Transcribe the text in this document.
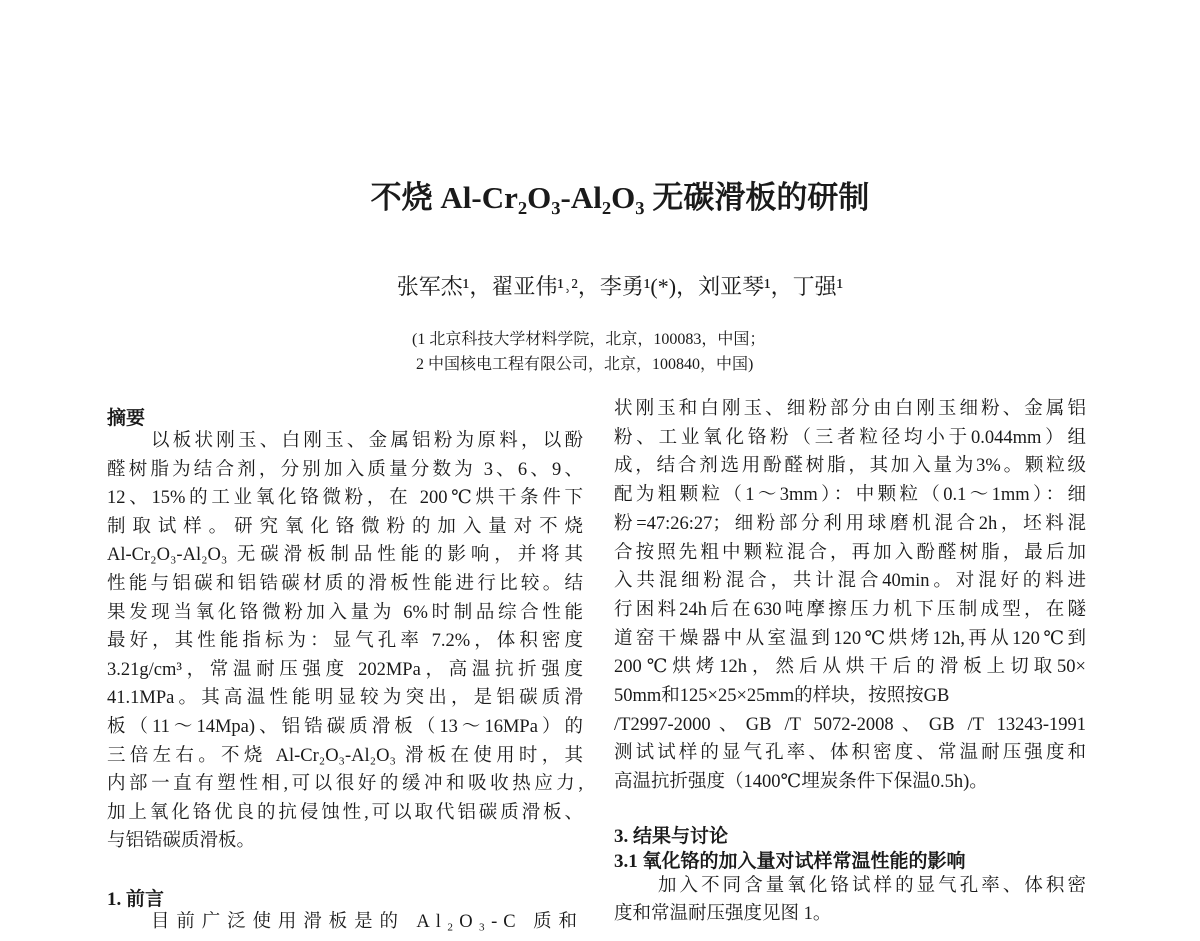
不烧 Al-Cr₂O₃-Al₂O₃ 无碳滑板的研制
张军杰¹，翟亚伟¹˒²，李勇¹(*)，刘亚琴¹，丁强¹
(1 北京科技大学材料学院，北京，100083，中国；
2 中国核电工程有限公司，北京，100840，中国)
摘要
以板状刚玉、白刚玉、金属铝粉为原料，以酚
醛树脂为结合剂，分别加入质量分数为 3、6、9、
12、15%的工业氧化铬微粉，在 200℃烘干条件下
制取试样。研究氧化铬微粉的加入量对不烧
Al-Cr₂O₃-Al₂O₃ 无碳滑板制品性能的影响，并将其
性能与铝碳和铝锆碳材质的滑板性能进行比较。结
果发现当氧化铬微粉加入量为 6%时制品综合性能
最好，其性能指标为：显气孔率 7.2%，体积密度
3.21g/cm³，常温耐压强度 202MPa，高温抗折强度
41.1MPa。其高温性能明显较为突出，是铝碳质滑
板（11～14Mpa)、铝锆碳质滑板（13～16MPa）的
三倍左右。不烧 Al-Cr₂O₃-Al₂O₃ 滑板在使用时，其
内部一直有塑性相,可以很好的缓冲和吸收热应力,
加上氧化铬优良的抗侵蚀性,可以取代铝碳质滑板、
与铝锆碳质滑板。
1. 前言
目前广泛使用滑板是的 Al₂O₃-C 质和
状刚玉和白刚玉、细粉部分由白刚玉细粉、金属铝
粉、工业氧化铬粉（三者粒径均小于0.044mm）组
成，结合剂选用酚醛树脂，其加入量为3%。颗粒级
配为粗颗粒（1～3mm）：中颗粒（0.1～1mm）：细
粉=47:26:27；细粉部分利用球磨机混合2h，坯料混
合按照先粗中颗粒混合，再加入酚醛树脂，最后加
入共混细粉混合，共计混合40min。对混好的料进
行困料24h后在630吨摩擦压力机下压制成型，在隧
道窑干燥器中从室温到120℃烘烤12h,再从120℃到
200℃烘烤12h，然后从烘干后的滑板上切取50×
50mm和125×25×25mm的样块，按照按GB
/T2997-2000、GB /T 5072-2008、GB /T 13243-1991
测试试样的显气孔率、体积密度、常温耐压强度和
高温抗折强度（1400℃埋炭条件下保温0.5h)。
3. 结果与讨论
3.1 氧化铬的加入量对试样常温性能的影响
加入不同含量氧化铬试样的显气孔率、体积密
度和常温耐压强度见图 1。
